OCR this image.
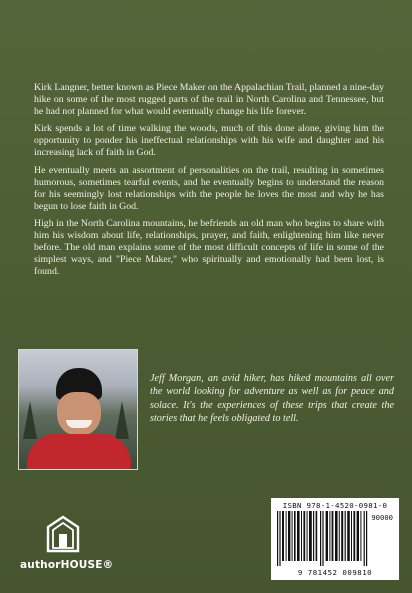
Kirk Langner, better known as Piece Maker on the Appalachian Trail, planned a nine-day hike on some of the most rugged parts of the trail in North Carolina and Tennessee, but he had not planned for what would eventually change his life forever.

Kirk spends a lot of time walking the woods, much of this done alone, giving him the opportunity to ponder his ineffectual relationships with his wife and daughter and his increasing lack of faith in God.

He eventually meets an assortment of personalities on the trail, resulting in sometimes humorous, sometimes tearful events, and he eventually begins to understand the reason for his seemingly lost relationships with the people he loves the most and why he has begun to lose faith in God.

High in the North Carolina mountains, he befriends an old man who begins to share with him his wisdom about life, relationships, prayer, and faith, enlightening him like never before. The old man explains some of the most difficult concepts of life in some of the simplest ways, and "Piece Maker," who spiritually and emotionally had been lost, is found.

Jeff Morgan, an avid hiker, has hiked mountains all over the world looking for adventure as well as for peace and solace. It's the experiences of these trips that create the stories that he feels obligated to tell.
authorHOUSE®
ISBN 978-1-4520-0981-0
90000
9 781452 009810
